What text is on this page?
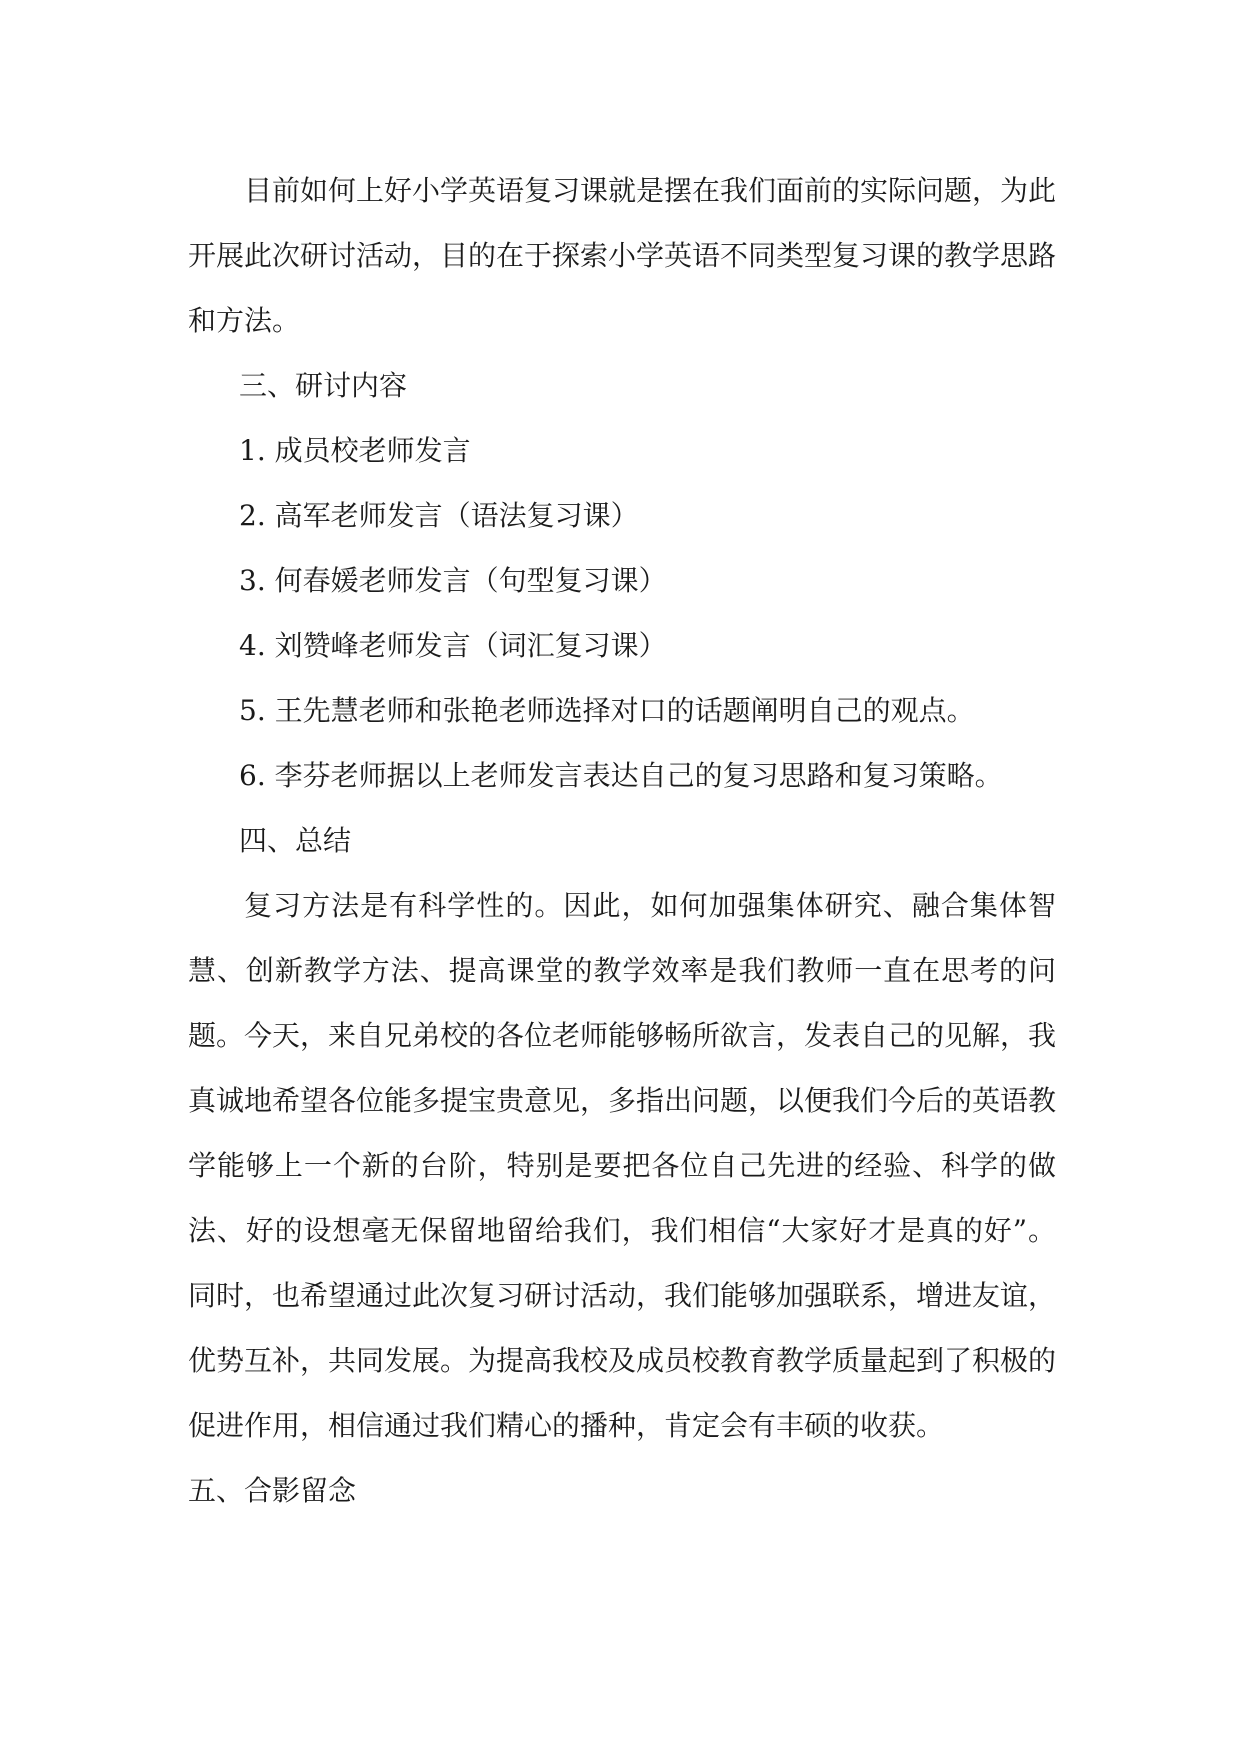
目前如何上好小学英语复习课就是摆在我们面前的实际问题，为此开展此次研讨活动，目的在于探索小学英语不同类型复习课的教学思路和方法。

三、研讨内容

1. 成员校老师发言

2. 高军老师发言（语法复习课）

3. 何春媛老师发言（句型复习课）

4. 刘赞峰老师发言（词汇复习课）

5. 王先慧老师和张艳老师选择对口的话题阐明自己的观点。

6. 李芬老师据以上老师发言表达自己的复习思路和复习策略。

四、总结

复习方法是有科学性的。因此，如何加强集体研究、融合集体智慧、创新教学方法、提高课堂的教学效率是我们教师一直在思考的问题。今天，来自兄弟校的各位老师能够畅所欲言，发表自己的见解，我真诚地希望各位能多提宝贵意见，多指出问题，以便我们今后的英语教学能够上一个新的台阶，特别是要把各位自己先进的经验、科学的做法、好的设想毫无保留地留给我们，我们相信“大家好才是真的好”。同时，也希望通过此次复习研讨活动，我们能够加强联系，增进友谊，优势互补，共同发展。为提高我校及成员校教育教学质量起到了积极的促进作用，相信通过我们精心的播种，肯定会有丰硕的收获。

五、合影留念
